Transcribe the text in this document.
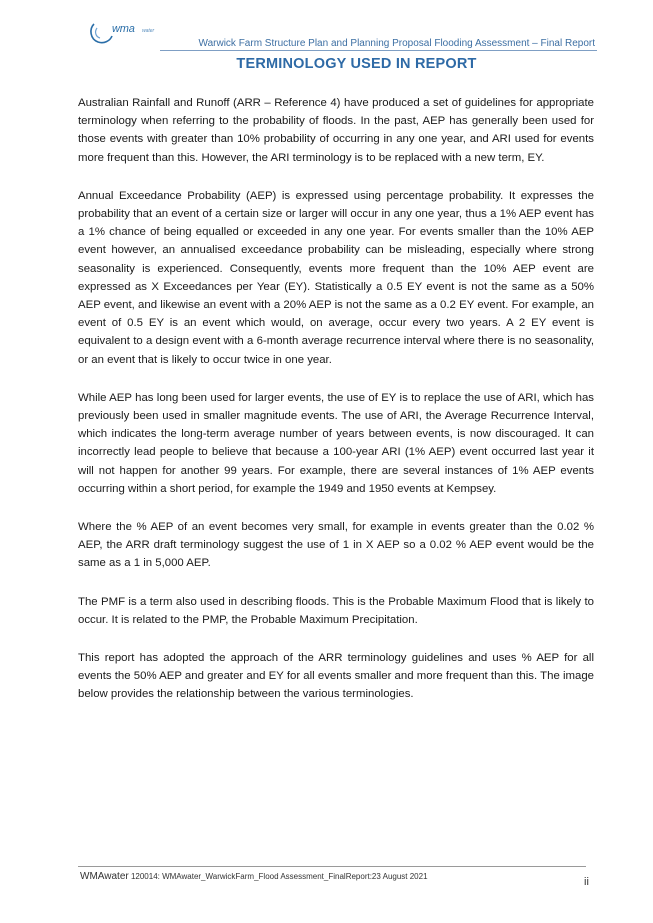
wma water
Warwick Farm Structure Plan and Planning Proposal Flooding Assessment – Final Report
TERMINOLOGY USED IN REPORT

Australian Rainfall and Runoff (ARR – Reference 4) have produced a set of guidelines for appropriate terminology when referring to the probability of floods. In the past, AEP has generally been used for those events with greater than 10% probability of occurring in any one year, and ARI used for events more frequent than this. However, the ARI terminology is to be replaced with a new term, EY.

Annual Exceedance Probability (AEP) is expressed using percentage probability. It expresses the probability that an event of a certain size or larger will occur in any one year, thus a 1% AEP event has a 1% chance of being equalled or exceeded in any one year. For events smaller than the 10% AEP event however, an annualised exceedance probability can be misleading, especially where strong seasonality is experienced. Consequently, events more frequent than the 10% AEP event are expressed as X Exceedances per Year (EY). Statistically a 0.5 EY event is not the same as a 50% AEP event, and likewise an event with a 20% AEP is not the same as a 0.2 EY event. For example, an event of 0.5 EY is an event which would, on average, occur every two years. A 2 EY event is equivalent to a design event with a 6-month average recurrence interval where there is no seasonality, or an event that is likely to occur twice in one year.

While AEP has long been used for larger events, the use of EY is to replace the use of ARI, which has previously been used in smaller magnitude events. The use of ARI, the Average Recurrence Interval, which indicates the long-term average number of years between events, is now discouraged. It can incorrectly lead people to believe that because a 100-year ARI (1% AEP) event occurred last year it will not happen for another 99 years. For example, there are several instances of 1% AEP events occurring within a short period, for example the 1949 and 1950 events at Kempsey.

Where the % AEP of an event becomes very small, for example in events greater than the 0.02 % AEP, the ARR draft terminology suggest the use of 1 in X AEP so a 0.02 % AEP event would be the same as a 1 in 5,000 AEP.

The PMF is a term also used in describing floods. This is the Probable Maximum Flood that is likely to occur. It is related to the PMP, the Probable Maximum Precipitation.

This report has adopted the approach of the ARR terminology guidelines and uses % AEP for all events the 50% AEP and greater and EY for all events smaller and more frequent than this. The image below provides the relationship between the various terminologies.

WMAwater 120014: WMAwater_WarwickFarm_Flood Assessment_FinalReport:23 August 2021	ii
